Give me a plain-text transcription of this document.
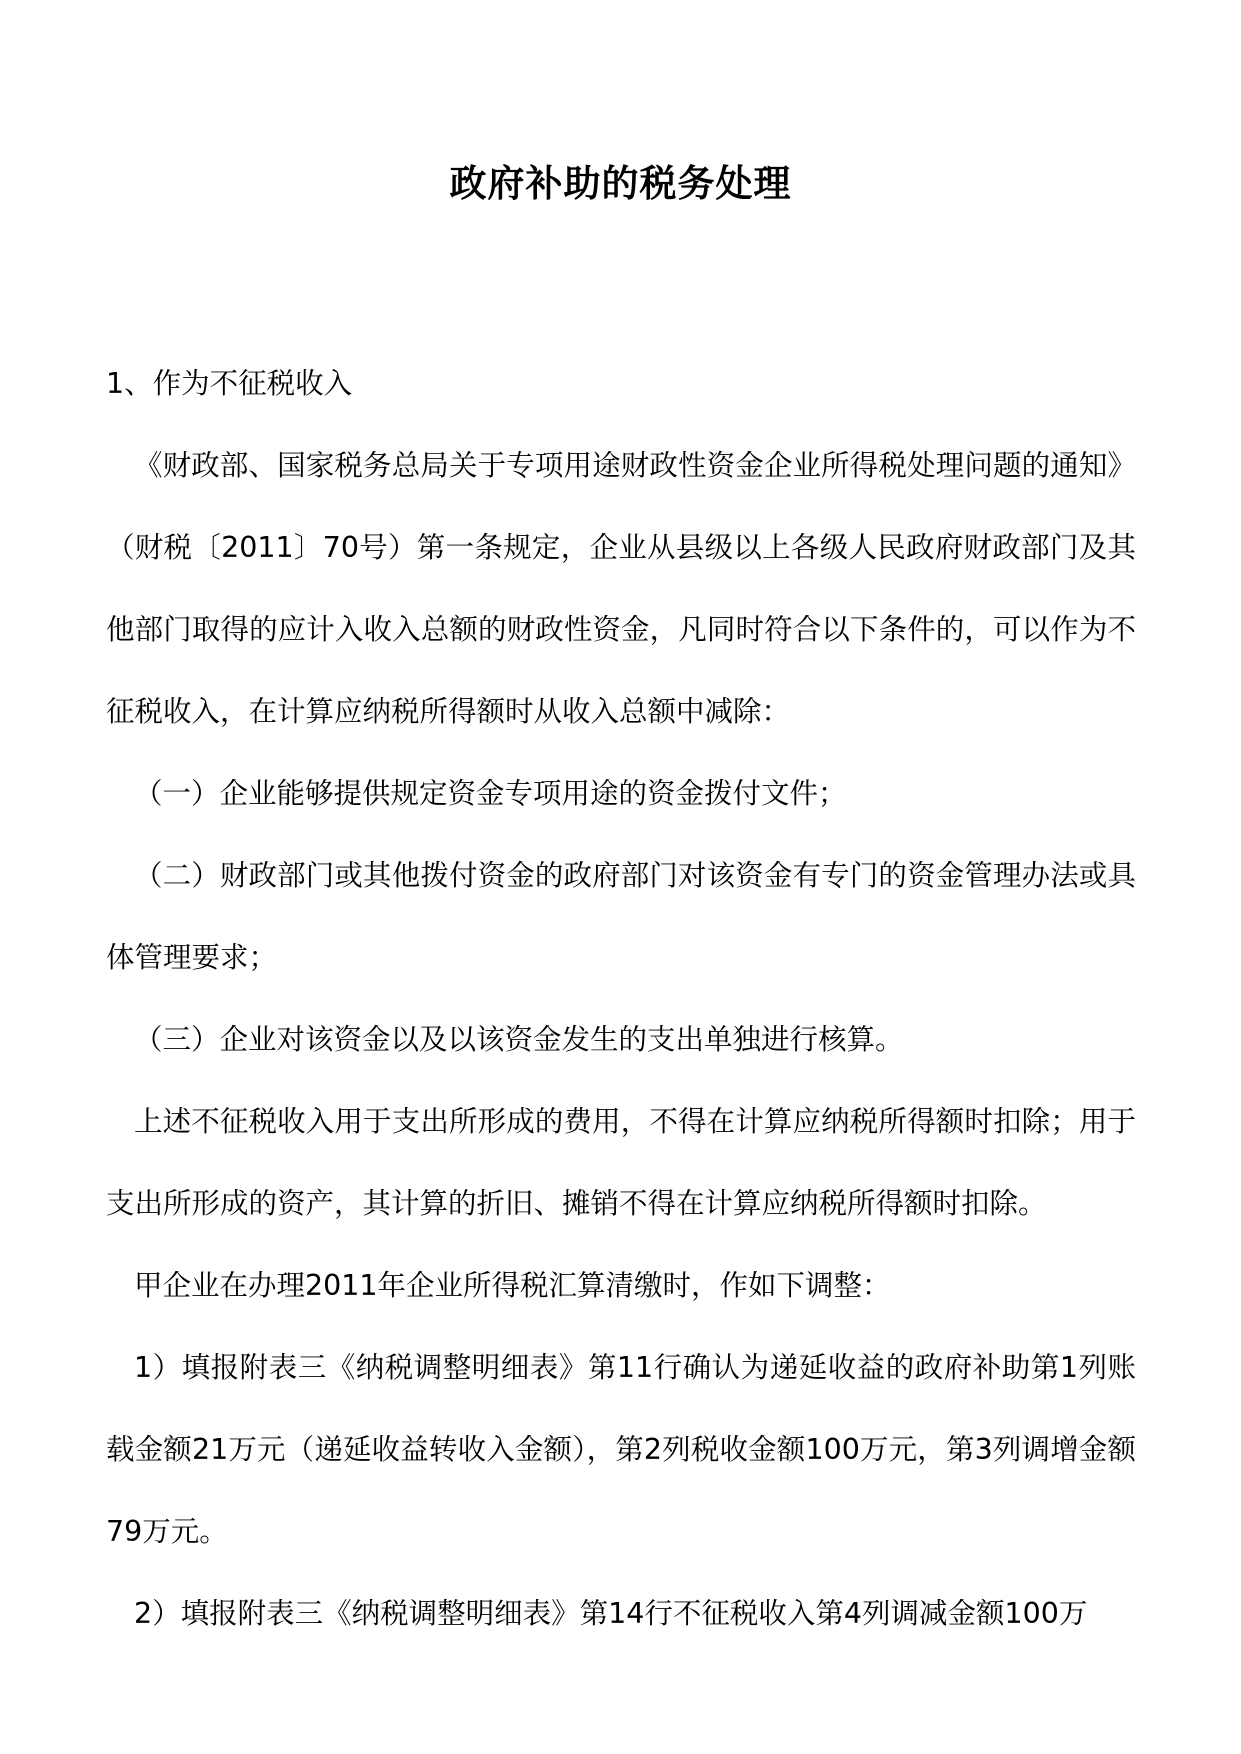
政府补助的税务处理

1、作为不征税收入

《财政部、国家税务总局关于专项用途财政性资金企业所得税处理问题的通知》（财税〔2011〕70号）第一条规定，企业从县级以上各级人民政府财政部门及其他部门取得的应计入收入总额的财政性资金，凡同时符合以下条件的，可以作为不征税收入，在计算应纳税所得额时从收入总额中减除：

（一）企业能够提供规定资金专项用途的资金拨付文件；

（二）财政部门或其他拨付资金的政府部门对该资金有专门的资金管理办法或具体管理要求；

（三）企业对该资金以及以该资金发生的支出单独进行核算。

上述不征税收入用于支出所形成的费用，不得在计算应纳税所得额时扣除；用于支出所形成的资产，其计算的折旧、摊销不得在计算应纳税所得额时扣除。

甲企业在办理2011年企业所得税汇算清缴时，作如下调整：

1）填报附表三《纳税调整明细表》第11行确认为递延收益的政府补助第1列账载金额21万元（递延收益转收入金额），第2列税收金额100万元，第3列调增金额79万元。

2）填报附表三《纳税调整明细表》第14行不征税收入第4列调减金额100万
